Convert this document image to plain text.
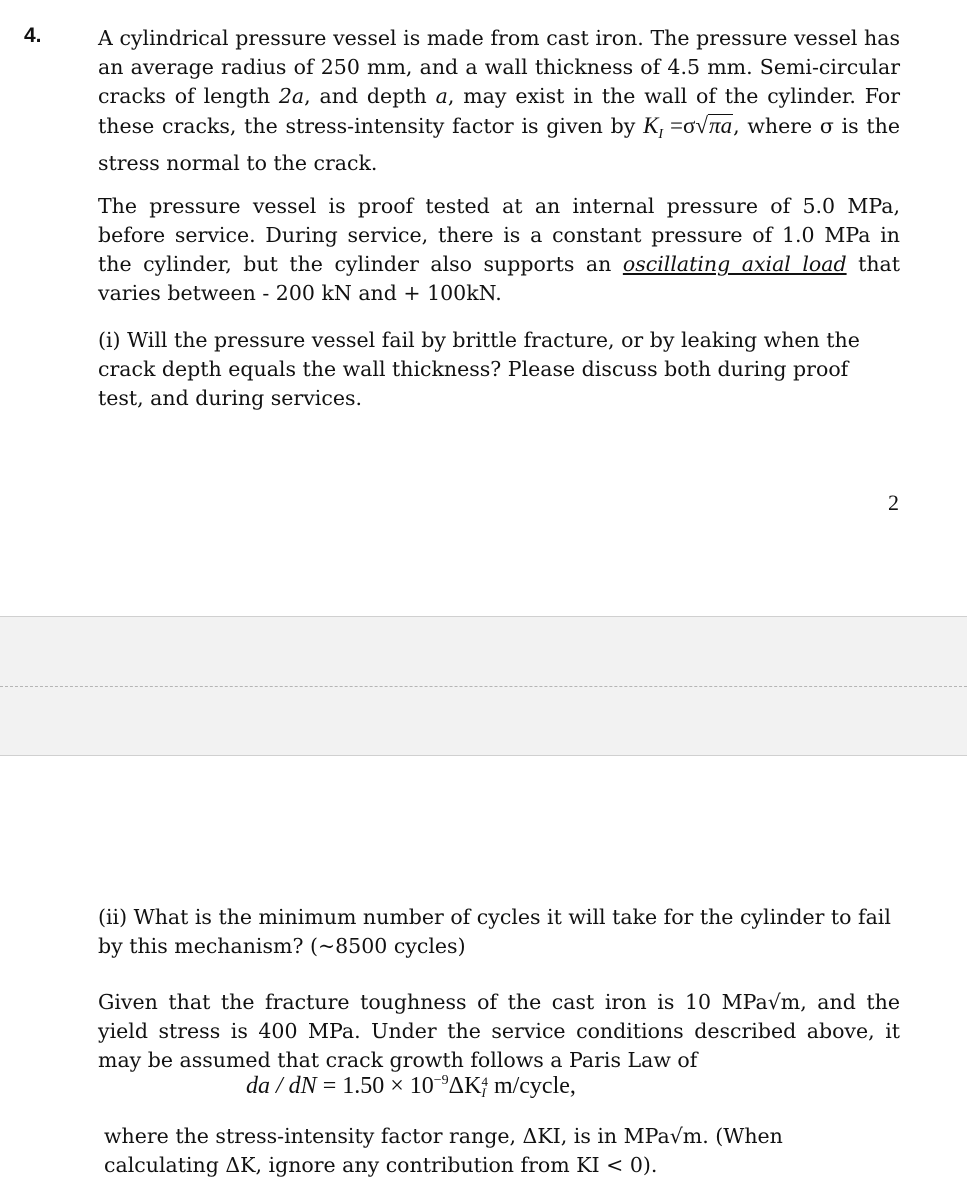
4.	A cylindrical pressure vessel is made from cast iron. The pressure vessel has an average radius of 250 mm, and a wall thickness of 4.5 mm. Semi-circular cracks of length 2a, and depth a, may exist in the wall of the cylinder. For these cracks, the stress-intensity factor is given by $K_I =\sigma√\pi a$, where σ is the stress normal to the crack.
The pressure vessel is proof tested at an internal pressure of 5.0 MPa, before service. During service, there is a constant pressure of 1.0 MPa in the cylinder, but the cylinder also supports an oscillating axial load that varies between - 200 kN and + 100kN.
(i) Will the pressure vessel fail by brittle fracture, or by leaking when the crack depth equals the wall thickness? Please discuss both during proof test, and during services.
2
(ii) What is the minimum number of cycles it will take for the cylinder to fail by this mechanism? (~8500 cycles)
Given that the fracture toughness of the cast iron is 10 MPa√m, and the yield stress is 400 MPa. Under the service conditions described above, it may be assumed that crack growth follows a Paris Law of
da / dN = $1.50 \times 10^{-9}\Delta K4$
I m/cycle,
where the stress-intensity factor range, ΔKI, is in MPa√m. (When calculating ΔK, ignore any contribution from KI < 0).
